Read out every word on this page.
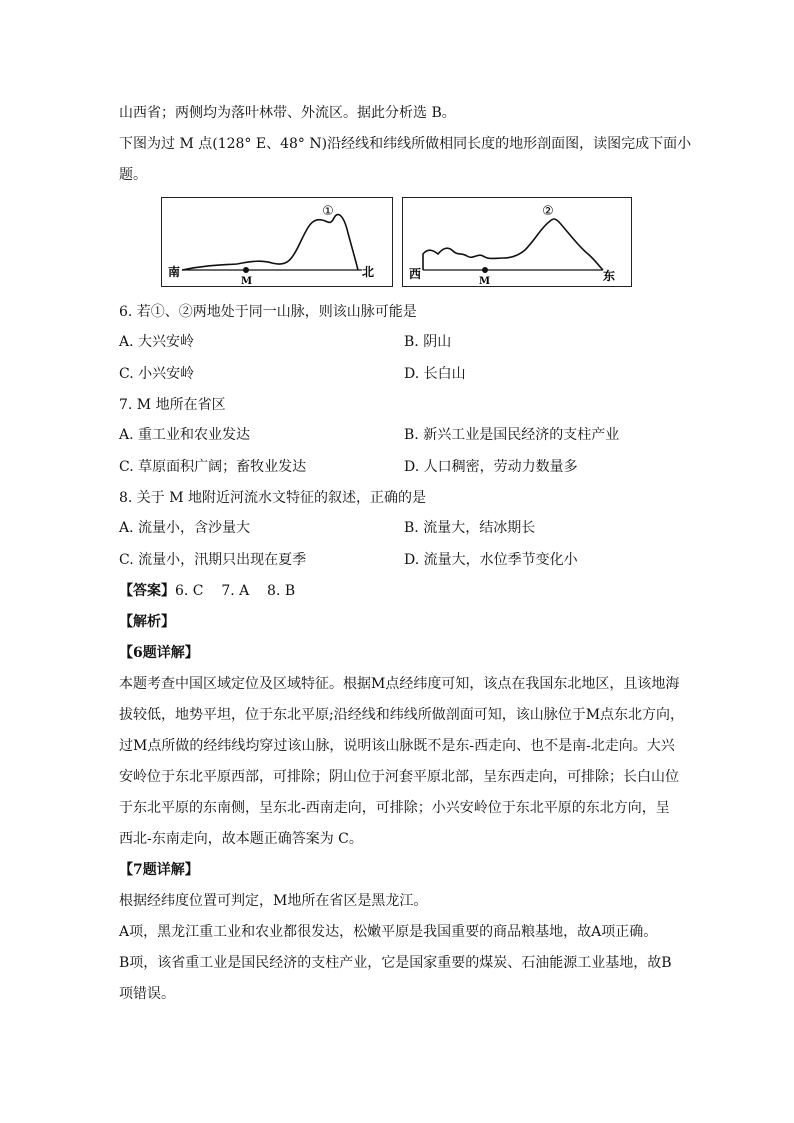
山西省；两侧均为落叶林带、外流区。据此分析选 B。
下图为过 M 点(128° E、48° N)沿经线和纬线所做相同长度的地形剖面图，读图完成下面小
题。
①
南	北
M
②
西	东
M
6. 若①、②两地处于同一山脉，则该山脉可能是
A. 大兴安岭	B. 阴山
C. 小兴安岭	D. 长白山
7. M 地所在省区
A. 重工业和农业发达	B. 新兴工业是国民经济的支柱产业
C. 草原面积广阔；畜牧业发达	D. 人口稠密，劳动力数量多
8. 关于 M 地附近河流水文特征的叙述，正确的是
A. 流量小，含沙量大	B. 流量大，结冰期长
C. 流量小，汛期只出现在夏季	D. 流量大，水位季节变化小
【答案】6. C    7. A    8. B
【解析】
【6题详解】
本题考查中国区域定位及区域特征。根据M点经纬度可知，该点在我国东北地区，且该地海
拔较低，地势平坦，位于东北平原;沿经线和纬线所做剖面可知，该山脉位于M点东北方向，
过M点所做的经纬线均穿过该山脉，说明该山脉既不是东-西走向、也不是南-北走向。大兴
安岭位于东北平原西部，可排除；阴山位于河套平原北部，呈东西走向，可排除；长白山位
于东北平原的东南侧，呈东北-西南走向，可排除；小兴安岭位于东北平原的东北方向，呈
西北-东南走向，故本题正确答案为 C。
【7题详解】
根据经纬度位置可判定，M地所在省区是黑龙江。
A项，黑龙江重工业和农业都很发达，松嫩平原是我国重要的商品粮基地，故A项正确。
B项，该省重工业是国民经济的支柱产业，它是国家重要的煤炭、石油能源工业基地，故B
项错误。
